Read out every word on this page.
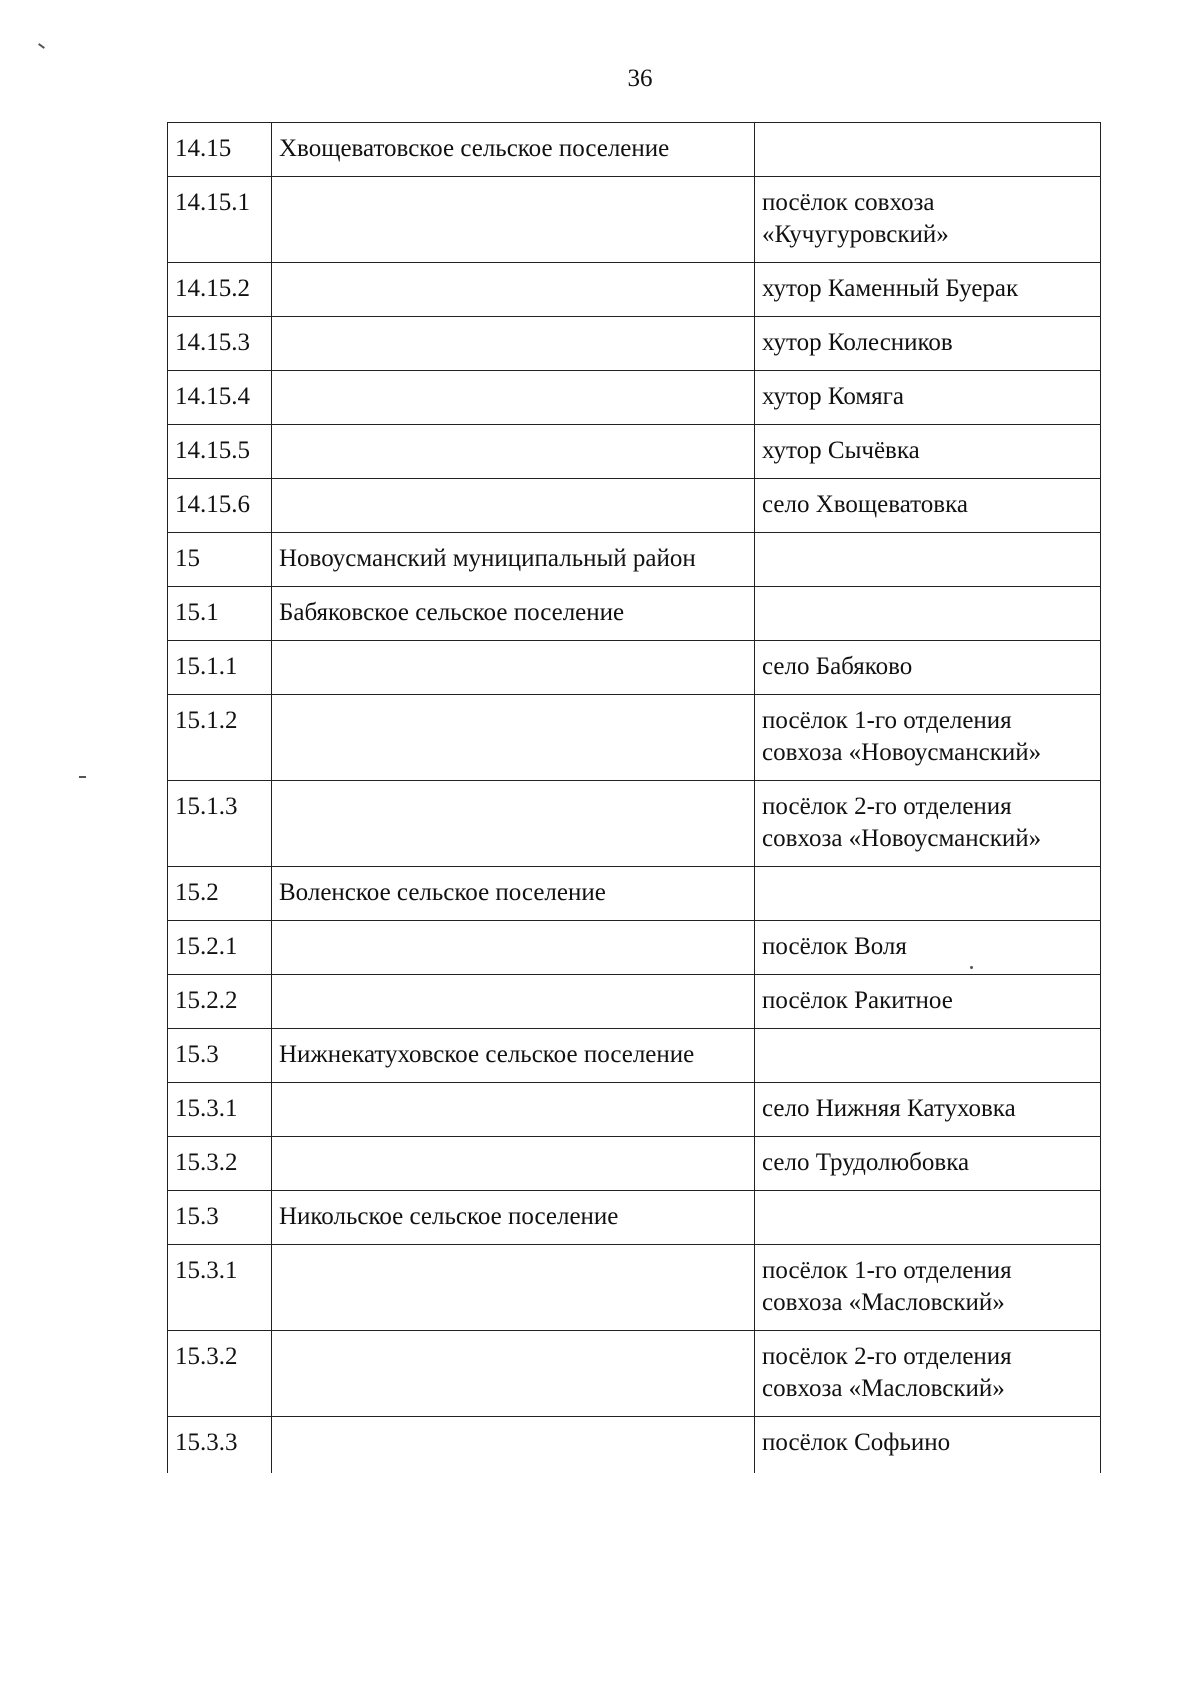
36
14.15	Хвощеватовское сельское поселение	
14.15.1		посёлок совхоза «Кучугуровский»
14.15.2		хутор Каменный Буерак
14.15.3		хутор Колесников
14.15.4		хутор Комяга
14.15.5		хутор Сычёвка
14.15.6		село Хвощеватовка
15	Новоусманский муниципальный район	
15.1	Бабяковское сельское поселение	
15.1.1		село Бабяково
15.1.2		посёлок 1-го отделения совхоза «Новоусманский»
15.1.3		посёлок 2-го отделения совхоза «Новоусманский»
15.2	Воленское сельское поселение	
15.2.1		посёлок Воля
15.2.2		посёлок Ракитное
15.3	Нижнекатуховское сельское поселение	
15.3.1		село Нижняя Катуховка
15.3.2		село Трудолюбовка
15.3	Никольское сельское поселение	
15.3.1		посёлок 1-го отделения совхоза «Масловский»
15.3.2		посёлок 2-го отделения совхоза «Масловский»
15.3.3		посёлок Софьино
